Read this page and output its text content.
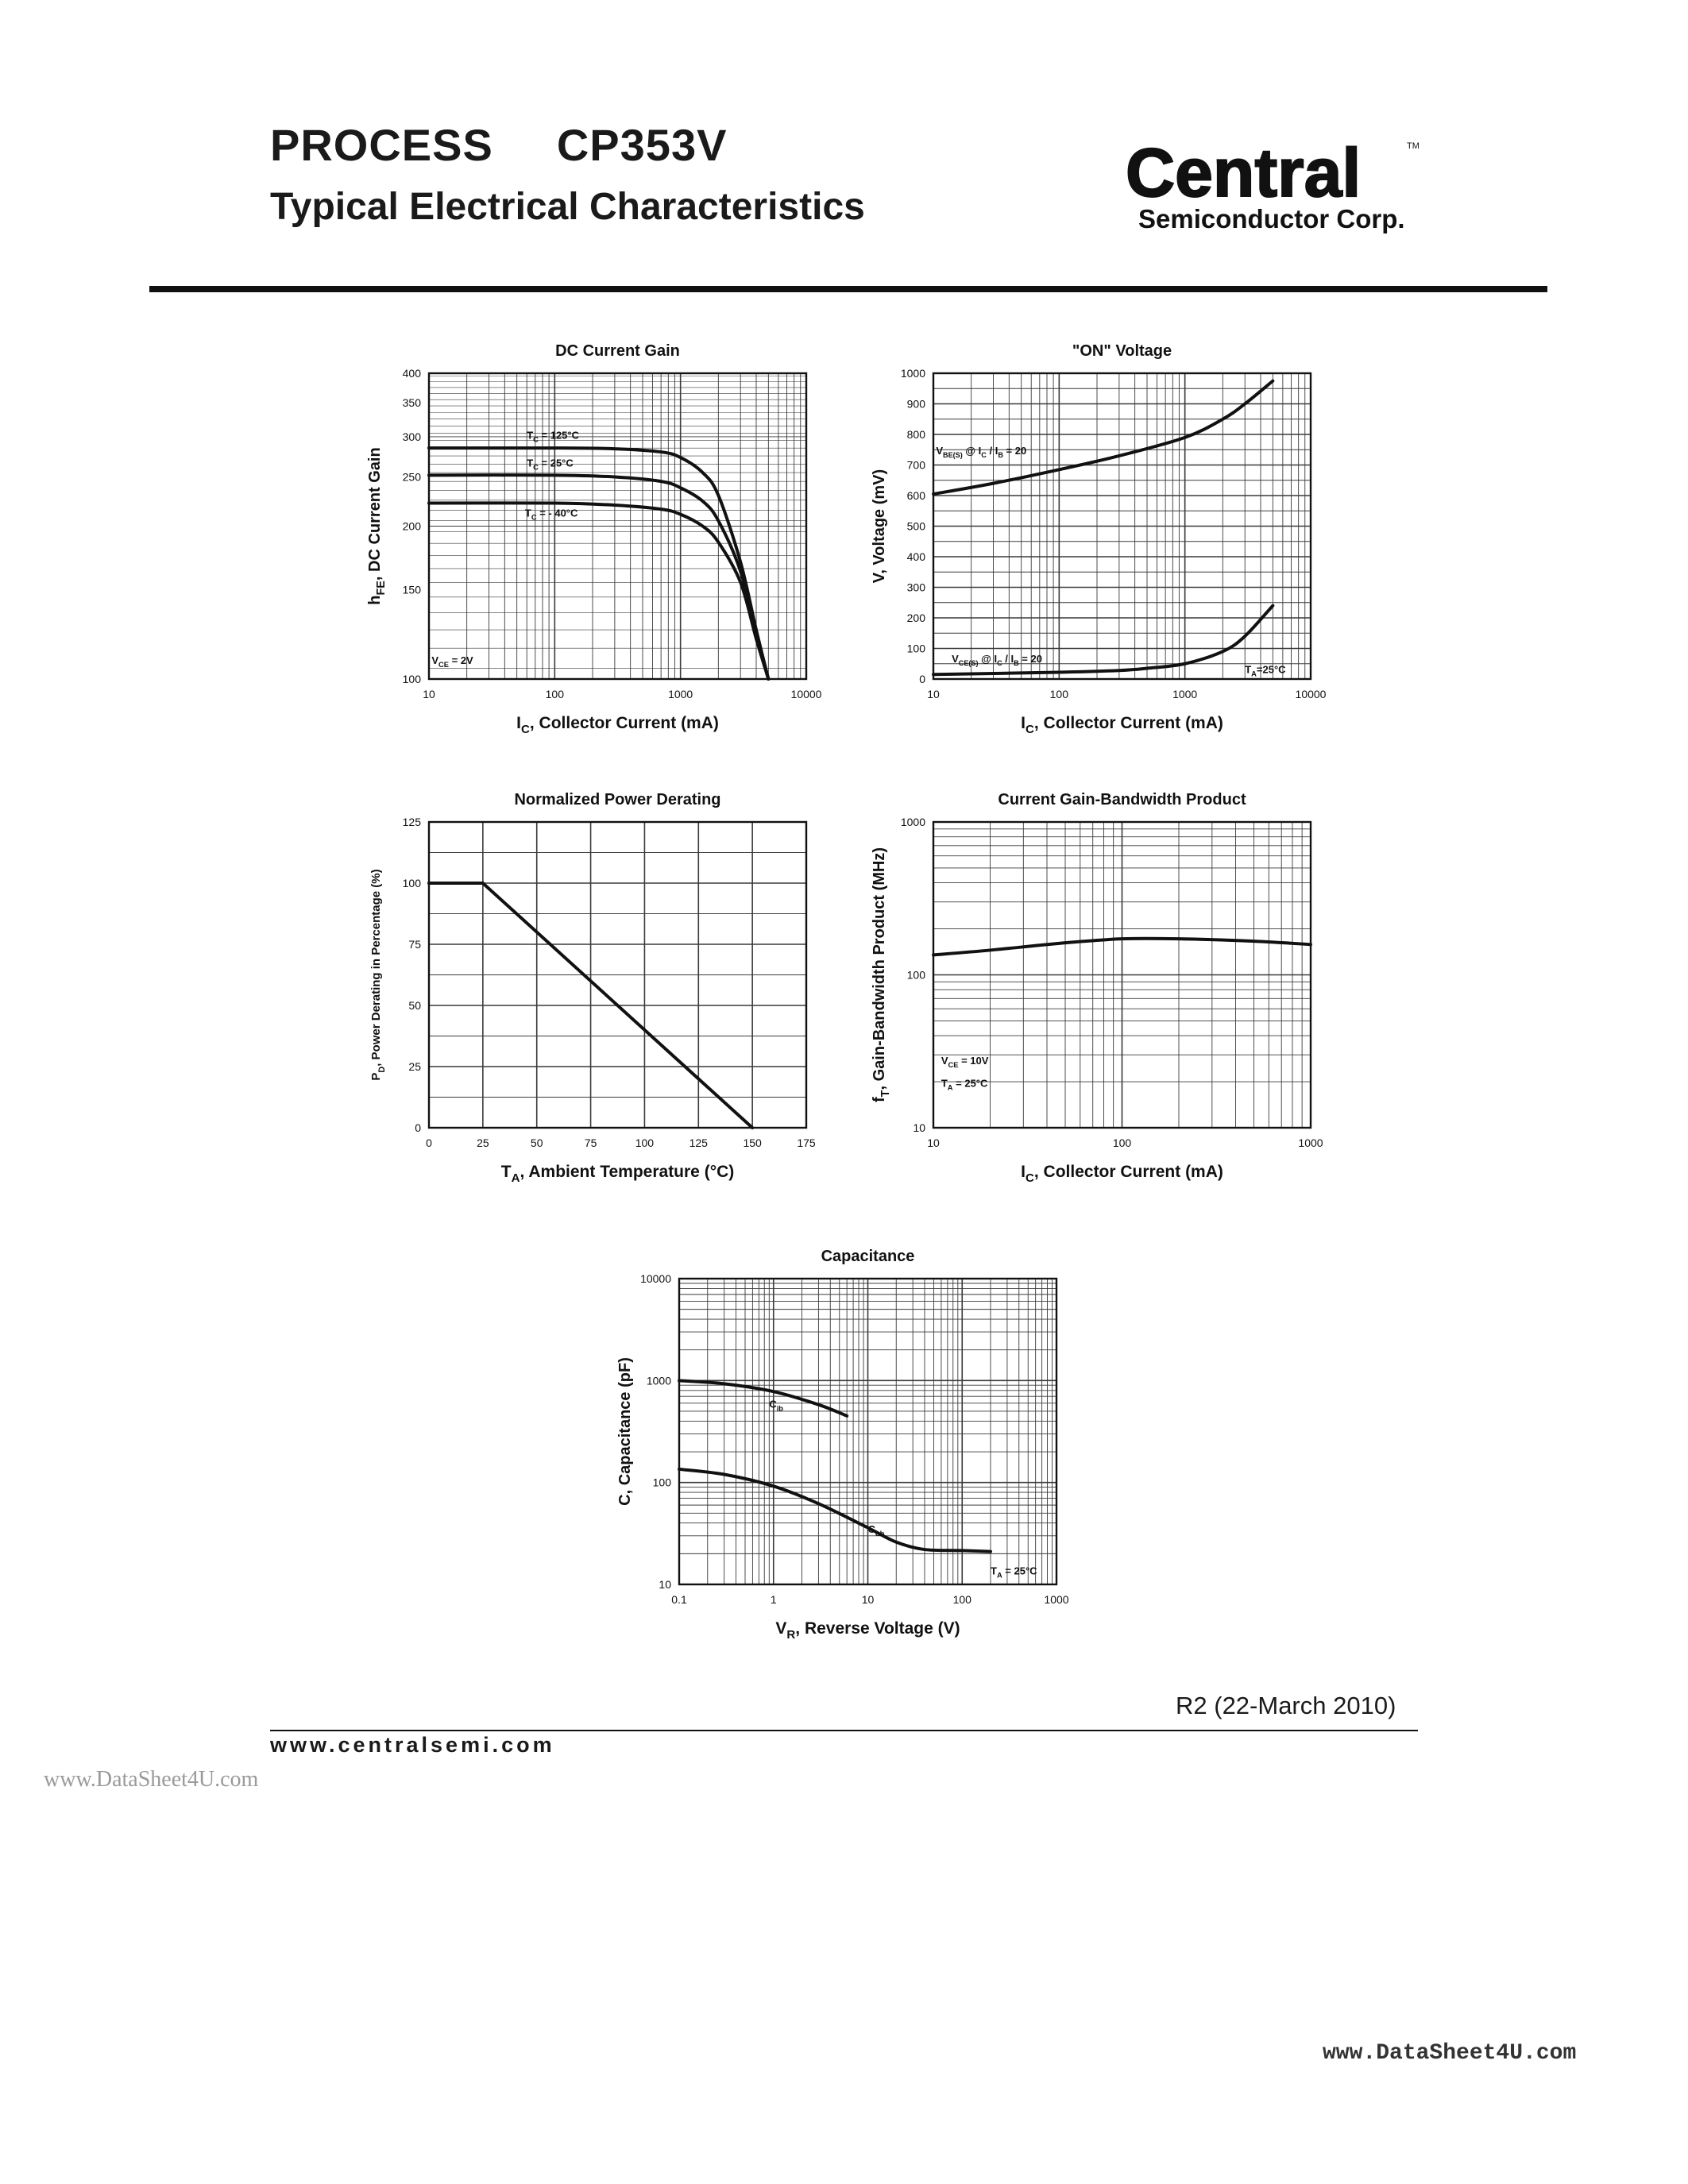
PROCESS CP353V
Typical Electrical Characteristics	Central	TM
Semiconductor Corp.
10	100	1000	10000
100
150
200
250
300
350
400
DC Current Gain
$I_C$, Collector Current (mA)
$h_{FE}$, DC Current Gain
$T_C = 125^\circ C$
$T_C = 25^\circ C$
$T_C$ = - 40°C
$V_{CE} = 2V$
10	100	1000	10000
0
100
200
300
400
500
600
700
800
900
1000
"ON" Voltage
$I_C$, Collector Current (mA)
V, Voltage (mV)
$V_{BE(S)}$ @ $I_C / I_B = 20$
$V_{CE(S)}$ @ $I_C / I_B = 20$
$T_A=25^\circ C$
0	25	50	75	100	125	150	175
0
25
50
75
100
125
Normalized Power Derating
$T_A$, Ambient Temperature (°C)
$P_D$, Power Derating in Percentage (%)
10	100	1000
10
100
1000
Current Gain-Bandwidth Product
$I_C$, Collector Current (mA)
$f_T$, Gain-Bandwidth Product (MHz)	$V_{CE} = 10V$
$T_A = 25^\circ C$
0.1	1	10	100	1000
10
100
1000
10000
Capacitance
$V_R$, Reverse Voltage (V)
C, Capacitance (pF)	$C_{ib}$
$C_{ob}$
$T_A = 25^\circ C$
R2 (22-March 2010)
www.centralsemi.com
www.DataSheet4U.com
www.DataSheet4U.com
